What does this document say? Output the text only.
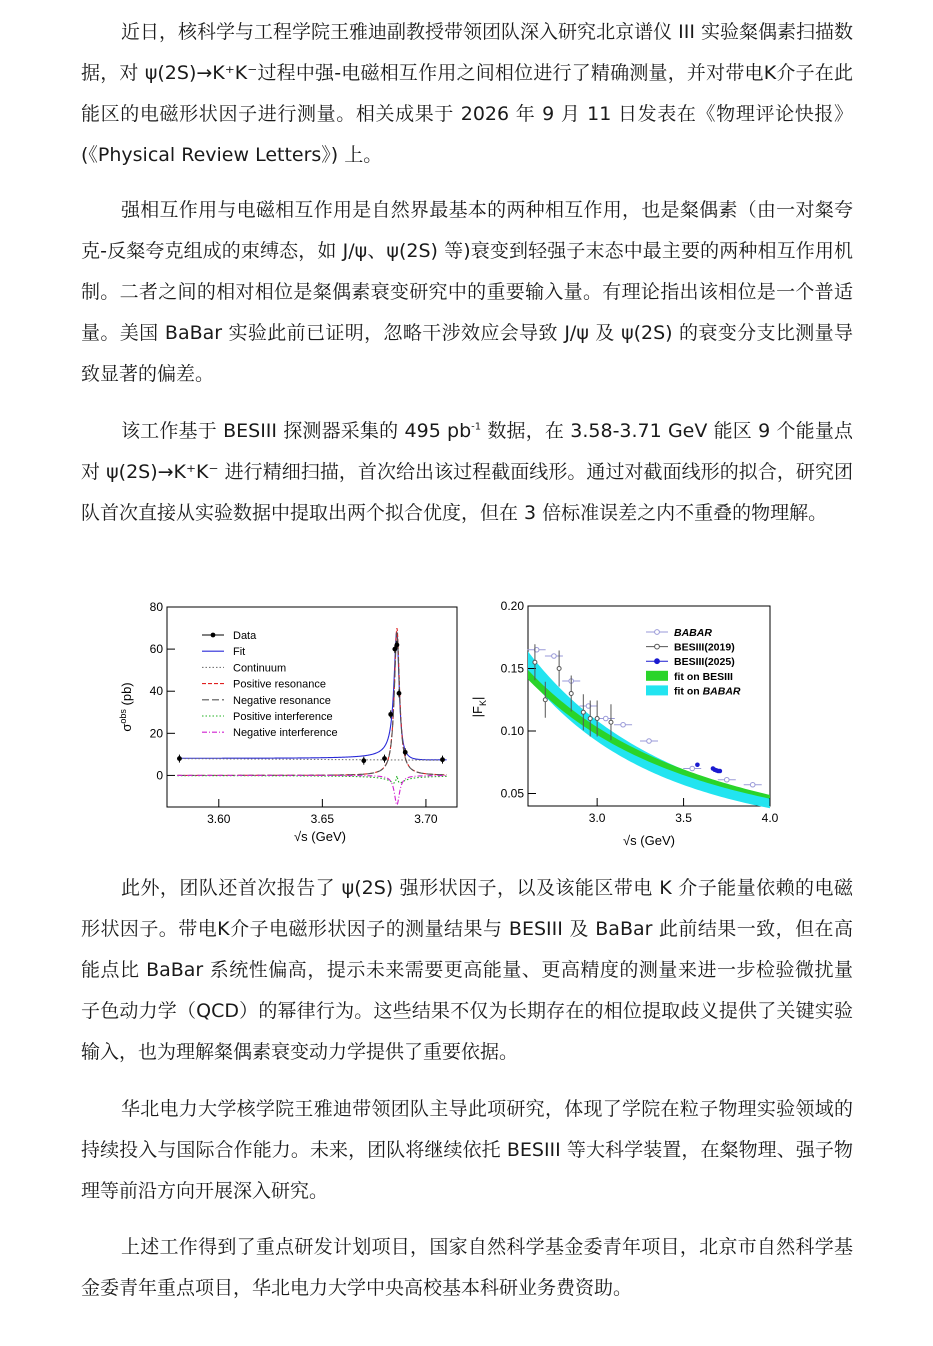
近日，核科学与工程学院王雅迪副教授带领团队深入研究北京谱仪 III 实验粲偶素扫描数据，对 ψ(2S)→K⁺K⁻过程中强-电磁相互作用之间相位进行了精确测量，并对带电K介子在此能区的电磁形状因子进行测量。相关成果于 2026 年 9 月 11 日发表在《物理评论快报》(《Physical Review Letters》) 上。

强相互作用与电磁相互作用是自然界最基本的两种相互作用，也是粲偶素（由一对粲夸克-反粲夸克组成的束缚态，如 J/ψ、ψ(2S) 等)衰变到轻强子末态中最主要的两种相互作用机制。二者之间的相对相位是粲偶素衰变研究中的重要输入量。有理论指出该相位是一个普适量。美国 BaBar 实验此前已证明，忽略干涉效应会导致 J/ψ 及 ψ(2S) 的衰变分支比测量导致显著的偏差。

该工作基于 BESIII 探测器采集的 495 $pb^{-1}$ 数据，在 3.58-3.71 GeV 能区 9 个能量点对 ψ(2S)→K⁺K⁻ 进行精细扫描，首次给出该过程截面线形。通过对截面线形的拟合，研究团队首次直接从实验数据中提取出两个拟合优度，但在 3 倍标准误差之内不重叠的物理解。

0
20
40
60
80
3.60	3.65	3.70
Data
Fit
Continuum
Positive resonance
Negative resonance
Positive interference
Negative interference
√s (GeV)
$\sigma^{obs}$ (pb)
0.05
0.10
0.15
0.20
3.0	3.5	4.0
BABAR
BESIII(2019)
BESIII(2025)
fit on BESIII
fit on BABAR
√s (GeV)
$|F_K|$

此外，团队还首次报告了 ψ(2S) 强形状因子，以及该能区带电 K 介子能量依赖的电磁形状因子。带电K介子电磁形状因子的测量结果与 BESIII 及 BaBar 此前结果一致，但在高能点比 BaBar 系统性偏高，提示未来需要更高能量、更高精度的测量来进一步检验微扰量子色动力学（QCD）的幂律行为。这些结果不仅为长期存在的相位提取歧义提供了关键实验输入，也为理解粲偶素衰变动力学提供了重要依据。

华北电力大学核学院王雅迪带领团队主导此项研究，体现了学院在粒子物理实验领域的持续投入与国际合作能力。未来，团队将继续依托 BESIII 等大科学装置，在粲物理、强子物理等前沿方向开展深入研究。

上述工作得到了重点研发计划项目，国家自然科学基金委青年项目，北京市自然科学基金委青年重点项目，华北电力大学中央高校基本科研业务费资助。
